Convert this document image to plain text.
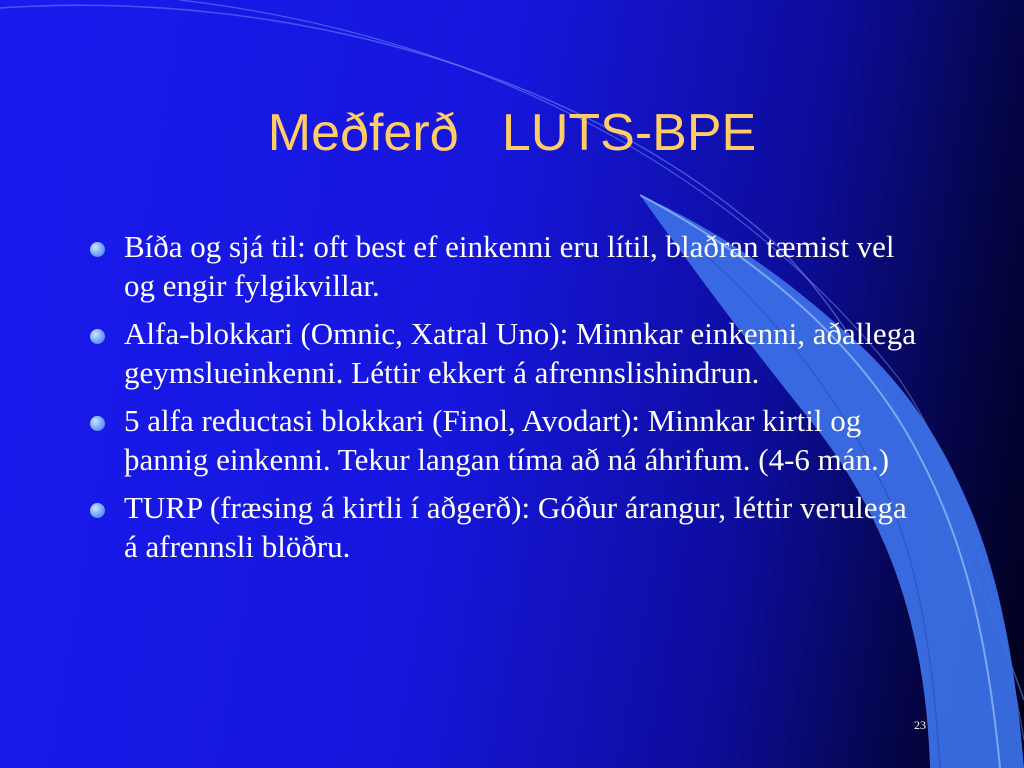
Meðferð   LUTS-BPE
Bíða og sjá til: oft best ef einkenni eru lítil, blaðran tæmist vel og engir fylgikvillar.
Alfa-blokkari (Omnic, Xatral Uno): Minnkar einkenni, aðallega geymslueinkenni. Léttir ekkert á afrennslishindrun.
5 alfa reductasi blokkari (Finol, Avodart): Minnkar kirtil og þannig einkenni. Tekur langan tíma að ná áhrifum. (4-6 mán.)
TURP (fræsing á kirtli í aðgerð): Góður árangur, léttir verulega á afrennsli blöðru.
23
